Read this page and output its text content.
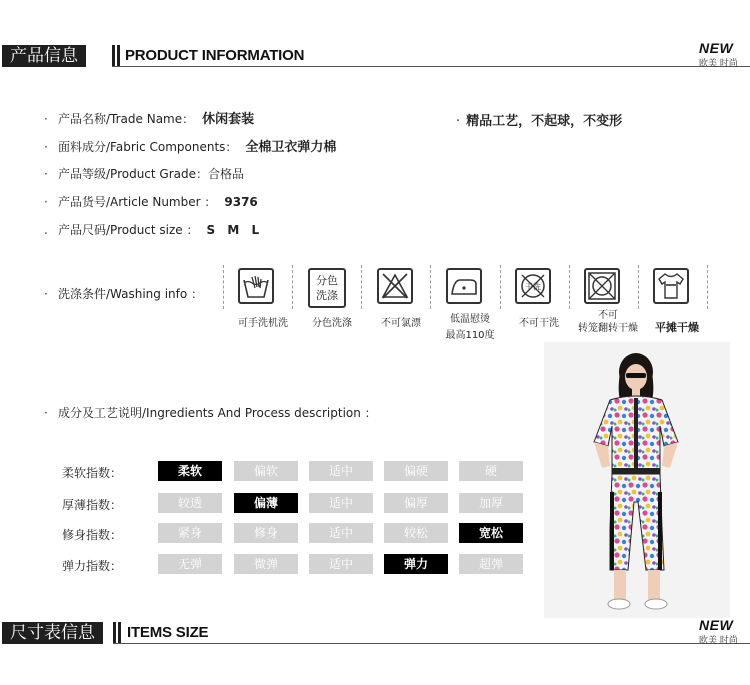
产品信息	PRODUCT INFORMATION	NEW
欧美 时尚
· 产品名称/Trade Name： 休闲套装
· 面料成分/Fabric Components： 全棉卫衣弹力棉
· 产品等级/Product Grade：合格品
· 产品货号/Article Number ： 9376
. 产品尺码/Product size ： S M L
· 精品工艺，不起球，不变形
· 洗涤条件/Washing info ：
可手洗机洗
分色洗涤
分色洗涤	不可氯漂	低温慰烫
最高110度
干洗
不可干洗
不可
转笼翻转干燥	平摊干燥
· 成分及工艺说明/Ingredients And Process description ：
柔软指数：	柔软	偏软	适中	偏硬	硬
厚薄指数：	较透	偏薄	适中	偏厚	加厚
修身指数：	紧身	修身	适中	较松	宽松
弹力指数：	无弹	微弹	适中	弹力	超弹
尺寸表信息	ITEMS SIZE	NEW
欧美 时尚
